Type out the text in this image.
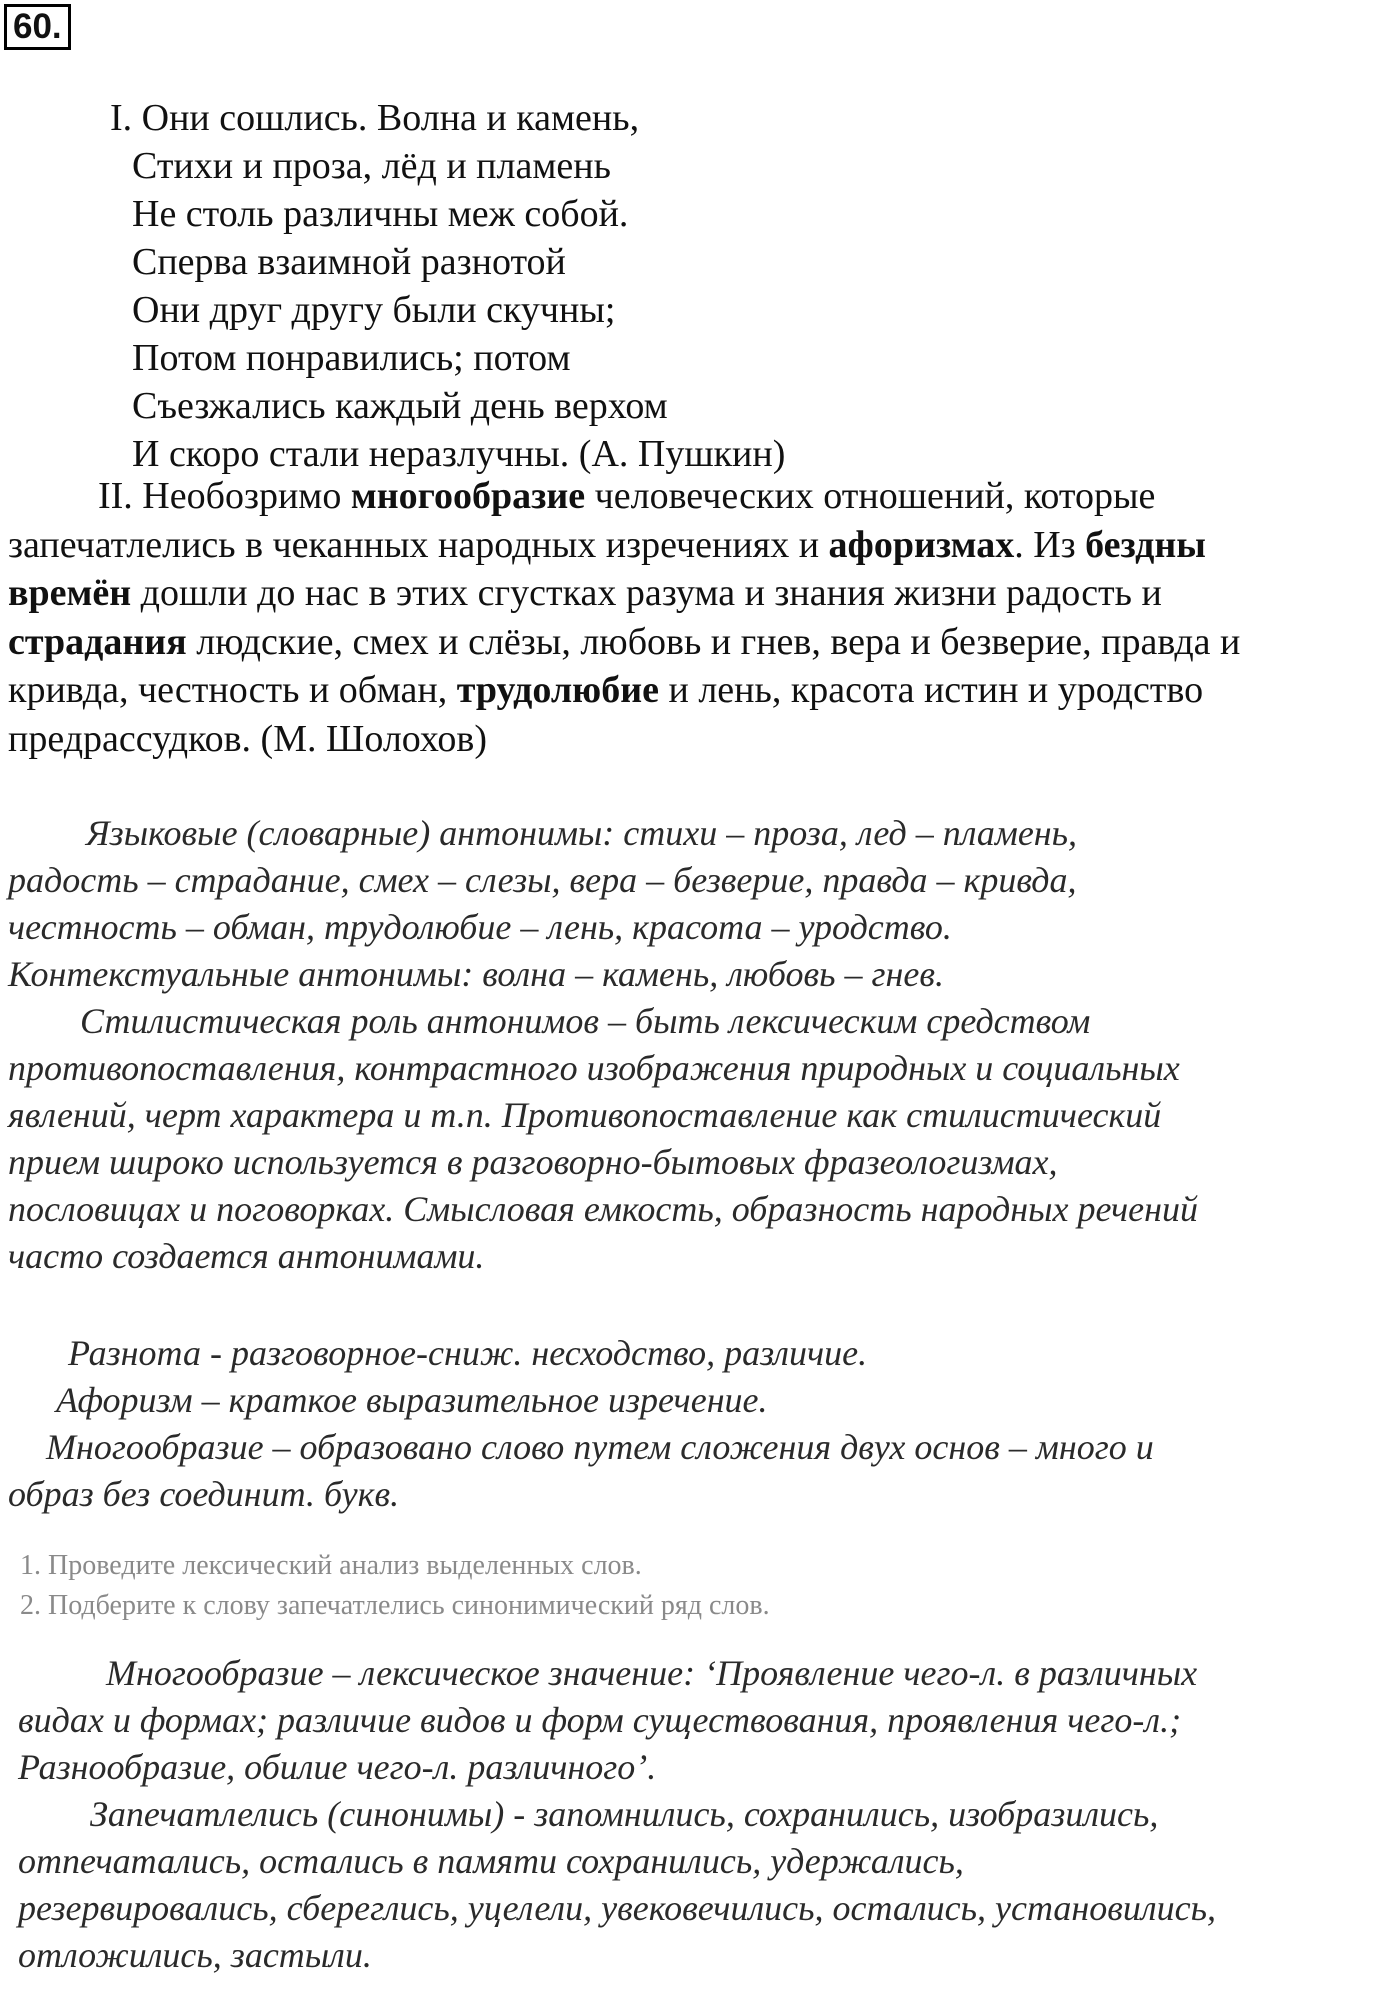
60.
I. Они сошлись. Волна и камень,
Стихи и проза, лёд и пламень
Не столь различны меж собой.
Сперва взаимной разнотой
Они друг другу были скучны;
Потом понравились; потом
Съезжались каждый день верхом
И скоро стали неразлучны. (А. Пушкин)
II. Необозримо многообразие человеческих отношений, которые
запечатлелись в чеканных народных изречениях и афоризмах. Из бездны
времён дошли до нас в этих сгустках разума и знания жизни радость и
страдания людские, смех и слёзы, любовь и гнев, вера и безверие, правда и
кривда, честность и обман, трудолюбие и лень, красота истин и уродство
предрассудков. (М. Шолохов)
Языковые (словарные) антонимы: стихи – проза, лед – пламень,
радость – страдание, смех – слезы, вера – безверие, правда – кривда,
честность – обман, трудолюбие – лень, красота – уродство.
Контекстуальные антонимы: волна – камень, любовь – гнев.
Стилистическая роль антонимов – быть лексическим средством
противопоставления, контрастного изображения природных и социальных
явлений, черт характера и т.п. Противопоставление как стилистический
прием широко используется в разговорно-бытовых фразеологизмах,
пословицах и поговорках. Смысловая емкость, образность народных речений
часто создается антонимами.
Разнота - разговорное-сниж. несходство, различие.
Афоризм – краткое выразительное изречение.
Многообразие – образовано слово путем сложения двух основ – много и
образ без соединит. букв.
1. Проведите лексический анализ выделенных слов.
2. Подберите к слову запечатлелись синонимический ряд слов.
Многообразие – лексическое значение: ‘Проявление чего-л. в различных
видах и формах; различие видов и форм существования, проявления чего-л.;
Разнообразие, обилие чего-л. различного’.
Запечатлелись (синонимы) - запомнились, сохранились, изобразились,
отпечатались, остались в памяти сохранились, удержались,
резервировались, сберeглись, уцелели, увековечились, остались, установились,
отложились, застыли.
